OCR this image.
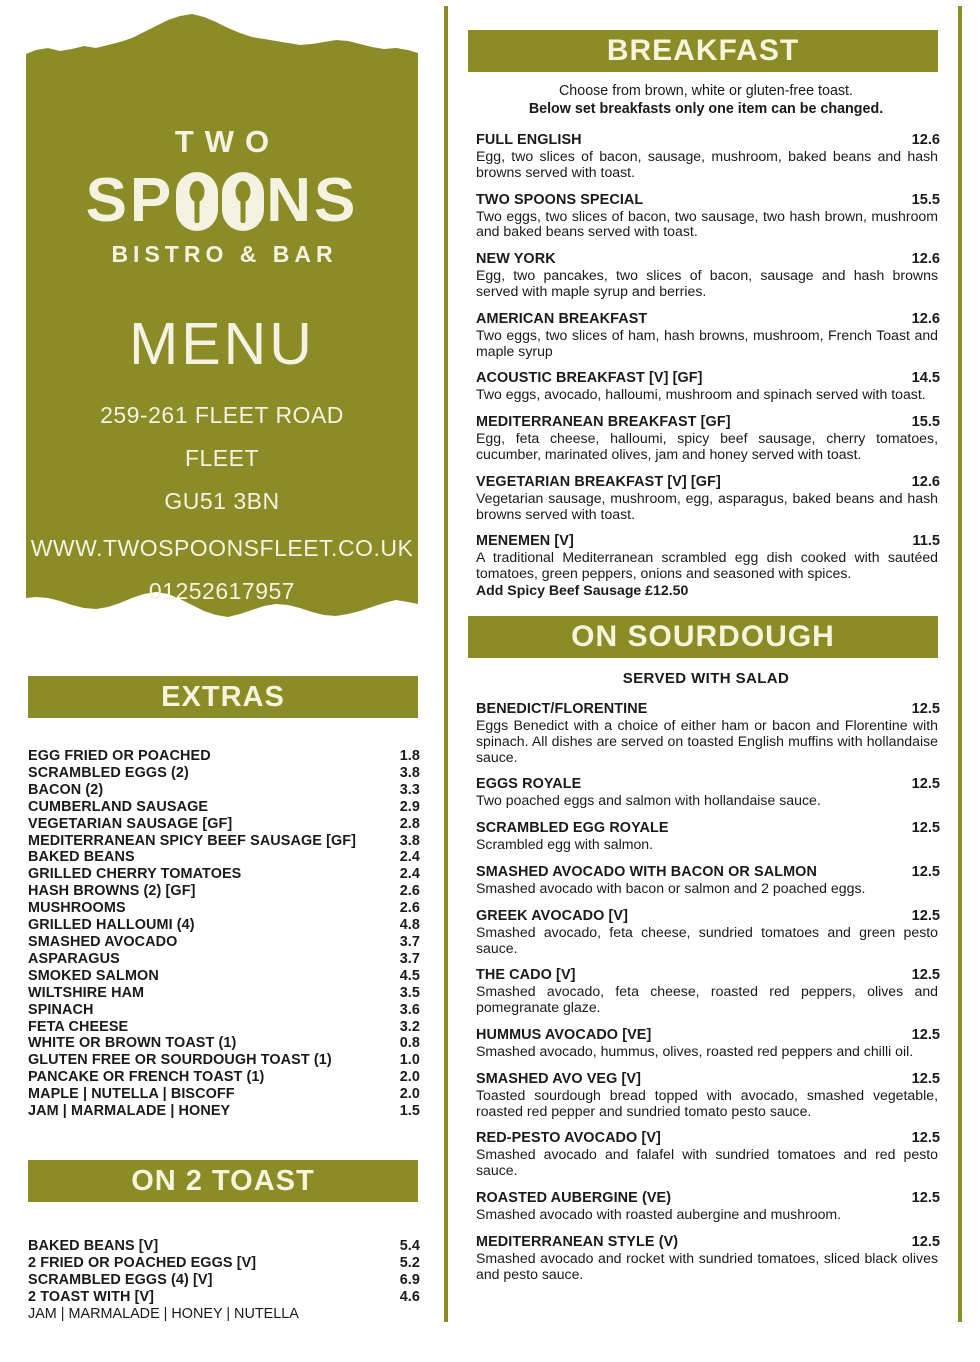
TWO
SP NS
BISTRO & BAR
MENU
259-261 FLEET ROAD
FLEET
GU51 3BN
WWW.TWOSPOONSFLEET.CO.UK
01252617957
EXTRAS
EGG FRIED OR POACHED	1.8
SCRAMBLED EGGS (2)	3.8
BACON (2)	3.3
CUMBERLAND SAUSAGE	2.9
VEGETARIAN SAUSAGE [GF]	2.8
MEDITERRANEAN SPICY BEEF SAUSAGE [GF]	3.8
BAKED BEANS	2.4
GRILLED CHERRY TOMATOES	2.4
HASH BROWNS (2) [GF]	2.6
MUSHROOMS	2.6
GRILLED HALLOUMI (4)	4.8
SMASHED AVOCADO	3.7
ASPARAGUS	3.7
SMOKED SALMON	4.5
WILTSHIRE HAM	3.5
SPINACH	3.6
FETA CHEESE	3.2
WHITE OR BROWN TOAST (1)	0.8
GLUTEN FREE OR SOURDOUGH TOAST (1)	1.0
PANCAKE OR FRENCH TOAST (1)	2.0
MAPLE | NUTELLA | BISCOFF	2.0
JAM | MARMALADE | HONEY	1.5
ON 2 TOAST
BAKED BEANS [V]	5.4
2 FRIED OR POACHED EGGS [V]	5.2
SCRAMBLED EGGS (4) [V]	6.9
2 TOAST WITH [V]	4.6
JAM | MARMALADE | HONEY | NUTELLA
BREAKFAST
Choose from brown, white or gluten-free toast.
Below set breakfasts only one item can be changed.
FULL ENGLISH	12.6
Egg, two slices of bacon, sausage, mushroom, baked beans and hash browns served with toast.
TWO SPOONS SPECIAL	15.5
Two eggs, two slices of bacon, two sausage, two hash brown, mushroom and baked beans served with toast.
NEW YORK	12.6
Egg, two pancakes, two slices of bacon, sausage and hash browns served with maple syrup and berries.
AMERICAN BREAKFAST	12.6
Two eggs, two slices of ham, hash browns, mushroom, French Toast and maple syrup
ACOUSTIC BREAKFAST [V] [GF]	14.5
Two eggs, avocado, halloumi, mushroom and spinach served with toast.
MEDITERRANEAN BREAKFAST [GF]	15.5
Egg, feta cheese, halloumi, spicy beef sausage, cherry tomatoes, cucumber, marinated olives, jam and honey served with toast.
VEGETARIAN BREAKFAST [V] [GF]	12.6
Vegetarian sausage, mushroom, egg, asparagus, baked beans and hash browns served with toast.
MENEMEN [V]	11.5
A traditional Mediterranean scrambled egg dish cooked with sautéed tomatoes, green peppers, onions and seasoned with spices.
Add Spicy Beef Sausage £12.50
ON SOURDOUGH
SERVED WITH SALAD
BENEDICT/FLORENTINE	12.5
Eggs Benedict with a choice of either ham or bacon and Florentine with spinach. All dishes are served on toasted English muffins with hollandaise sauce.
EGGS ROYALE	12.5
Two poached eggs and salmon with hollandaise sauce.
SCRAMBLED EGG ROYALE	12.5
Scrambled egg with salmon.
SMASHED AVOCADO WITH BACON OR SALMON	12.5
Smashed avocado with bacon or salmon and 2 poached eggs.
GREEK AVOCADO [V]	12.5
Smashed avocado, feta cheese, sundried tomatoes and green pesto sauce.
THE CADO [V]	12.5
Smashed avocado, feta cheese, roasted red peppers, olives and pomegranate glaze.
HUMMUS AVOCADO [VE]	12.5
Smashed avocado, hummus, olives, roasted red peppers and chilli oil.
SMASHED AVO VEG [V]	12.5
Toasted sourdough bread topped with avocado, smashed vegetable, roasted red pepper and sundried tomato pesto sauce.
RED-PESTO AVOCADO [V]	12.5
Smashed avocado and falafel with sundried tomatoes and red pesto sauce.
ROASTED AUBERGINE (VE)	12.5
Smashed avocado with roasted aubergine and mushroom.
MEDITERRANEAN STYLE (V)	12.5
Smashed avocado and rocket with sundried tomatoes, sliced black olives and pesto sauce.
